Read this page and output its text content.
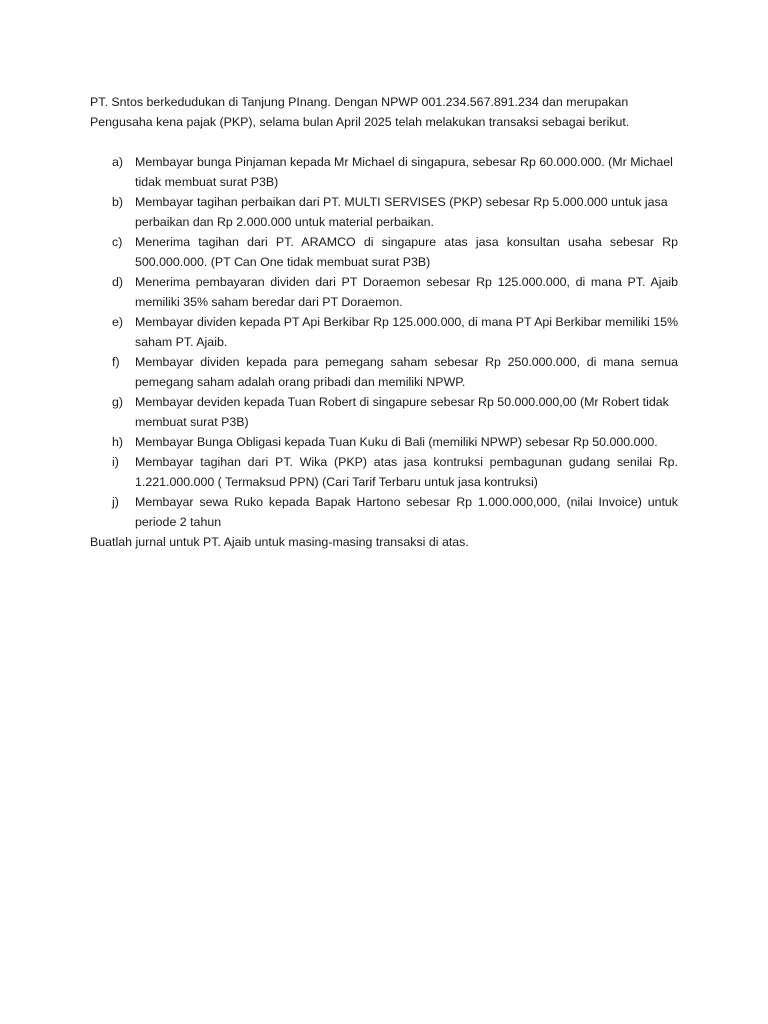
PT. Sntos berkedudukan di Tanjung PInang. Dengan NPWP 001.234.567.891.234 dan merupakan

Pengusaha kena pajak (PKP), selama bulan April 2025 telah melakukan transaksi sebagai berikut.

a) Membayar bunga Pinjaman kepada Mr Michael di singapura, sebesar Rp 60.000.000. (Mr Michael tidak membuat surat P3B)
b) Membayar tagihan perbaikan dari PT. MULTI SERVISES (PKP) sebesar Rp 5.000.000 untuk jasa perbaikan dan Rp 2.000.000 untuk material perbaikan.
c)	Menerima tagihan dari PT. ARAMCO di singapure atas jasa konsultan usaha sebesar Rp 500.000.000. (PT Can One tidak membuat surat P3B)
d) Menerima pembayaran dividen dari PT Doraemon sebesar Rp 125.000.000, di mana PT. Ajaib memiliki 35% saham beredar dari PT Doraemon.
e) Membayar dividen kepada PT Api Berkibar Rp 125.000.000, di mana PT Api Berkibar memiliki 15% saham PT. Ajaib.
f)	Membayar dividen kepada para pemegang saham sebesar Rp 250.000.000, di mana semua pemegang saham adalah orang pribadi dan memiliki NPWP.
g) Membayar deviden kepada Tuan Robert di singapure sebesar Rp 50.000.000,00 (Mr Robert tidak membuat surat P3B)
h) Membayar Bunga Obligasi kepada Tuan Kuku di Bali (memiliki NPWP) sebesar Rp 50.000.000.
i)	Membayar tagihan dari PT. Wika (PKP) atas jasa kontruksi pembagunan gudang senilai Rp. 1.221.000.000 ( Termaksud PPN) (Cari Tarif Terbaru untuk jasa kontruksi)
j)	Membayar sewa Ruko kepada Bapak Hartono sebesar Rp 1.000.000,000, (nilai Invoice) untuk periode 2 tahun

Buatlah jurnal untuk PT. Ajaib untuk masing-masing transaksi di atas.
